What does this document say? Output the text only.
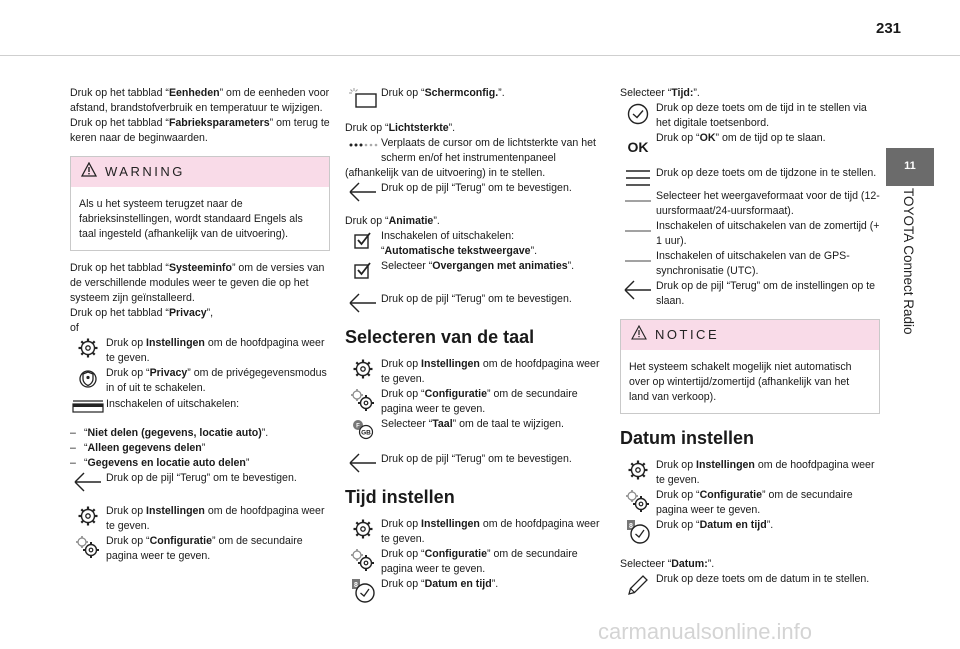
231
11
TOYOTA Connect Radio

Druk op het tabblad “Eenheden” om de eenheden voor afstand, brandstofverbruik en temperatuur te wijzigen.

Druk op het tabblad “Fabrieksparameters” om terug te keren naar de beginwaarden.

WARNING
Als u het systeem terugzet naar de fabrieksinstellingen, wordt standaard Engels als taal ingesteld (afhankelijk van de uitvoering).

Druk op het tabblad “Systeeminfo” om de versies van de verschillende modules weer te geven die op het systeem zijn geïnstalleerd.

Druk op het tabblad “Privacy”,

of

Druk op Instellingen om de hoofdpagina weer te geven.
Druk op “Privacy” om de privégegevensmodus in of uit te schakelen.
Inschakelen of uitschakelen:
– “Niet delen (gegevens, locatie auto)”.
– “Alleen gegevens delen”
– “Gegevens en locatie auto delen”
Druk op de pijl “Terug” om te bevestigen.
Druk op Instellingen om de hoofdpagina weer te geven.
Druk op “Configuratie” om de secundaire pagina weer te geven.
Druk op “Schermconfig.”.

Druk op “Lichtsterkte”.

Verplaats de cursor om de lichtsterkte van het scherm en/of het instrumentenpaneel

(afhankelijk van de uitvoering) in te stellen.

Druk op de pijl “Terug” om te bevestigen.

Druk op “Animatie”.

Inschakelen of uitschakelen:
“Automatische tekstweergave”.
Selecteer “Overgangen met animaties”.
Druk op de pijl “Terug” om te bevestigen.
Selecteren van de taal
Druk op Instellingen om de hoofdpagina weer te geven.
Druk op “Configuratie” om de secundaire pagina weer te geven.
F
GB
Selecteer “Taal” om de taal te wijzigen.
Druk op de pijl “Terug” om te bevestigen.
Tijd instellen
Druk op Instellingen om de hoofdpagina weer te geven.
Druk op “Configuratie” om de secundaire pagina weer te geven.
8 Druk op “Datum en tijd”.

Selecteer “Tijd:”.

Druk op deze toets om de tijd in te stellen via het digitale toetsenbord.
OK
Druk op “OK” om de tijd op te slaan.
Druk op deze toets om de tijdzone in te stellen.
Selecteer het weergaveformaat voor de tijd (12-uursformaat/24-uursformaat).
Inschakelen of uitschakelen van de zomertijd (+ 1 uur).
Inschakelen of uitschakelen van de GPS-synchronisatie (UTC).
Druk op de pijl “Terug” om de instellingen op te slaan.
NOTICE
Het systeem schakelt mogelijk niet automatisch over op wintertijd/zomertijd (afhankelijk van het land van verkoop).
Datum instellen
Druk op Instellingen om de hoofdpagina weer te geven.
Druk op “Configuratie” om de secundaire pagina weer te geven.
8 Druk op “Datum en tijd”.

Selecteer “Datum:”.

Druk op deze toets om de datum in te stellen.
carmanualsonline.info
